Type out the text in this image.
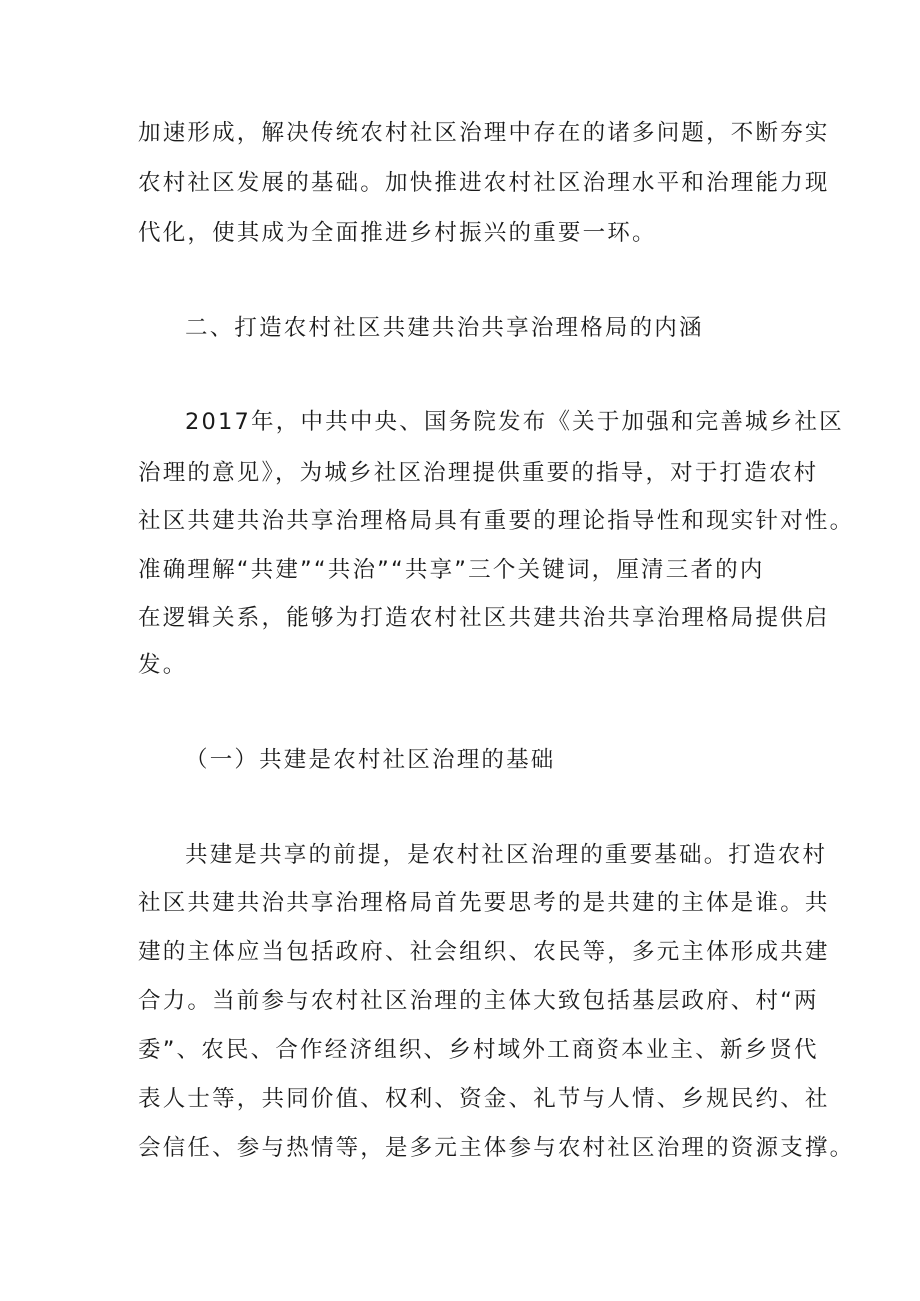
加速形成，解决传统农村社区治理中存在的诸多问题，不断夯实
农村社区发展的基础。加快推进农村社区治理水平和治理能力现
代化，使其成为全面推进乡村振兴的重要一环。
二、打造农村社区共建共治共享治理格局的内涵
2017年，中共中央、国务院发布《关于加强和完善城乡社区
治理的意见》，为城乡社区治理提供重要的指导，对于打造农村
社区共建共治共享治理格局具有重要的理论指导性和现实针对性。
准确理解“共建”“共治”“共享”三个关键词，厘清三者的内
在逻辑关系，能够为打造农村社区共建共治共享治理格局提供启
发。
（一）共建是农村社区治理的基础
共建是共享的前提，是农村社区治理的重要基础。打造农村
社区共建共治共享治理格局首先要思考的是共建的主体是谁。共
建的主体应当包括政府、社会组织、农民等，多元主体形成共建
合力。当前参与农村社区治理的主体大致包括基层政府、村“两
委”、农民、合作经济组织、乡村域外工商资本业主、新乡贤代
表人士等，共同价值、权利、资金、礼节与人情、乡规民约、社
会信任、参与热情等，是多元主体参与农村社区治理的资源支撑。
